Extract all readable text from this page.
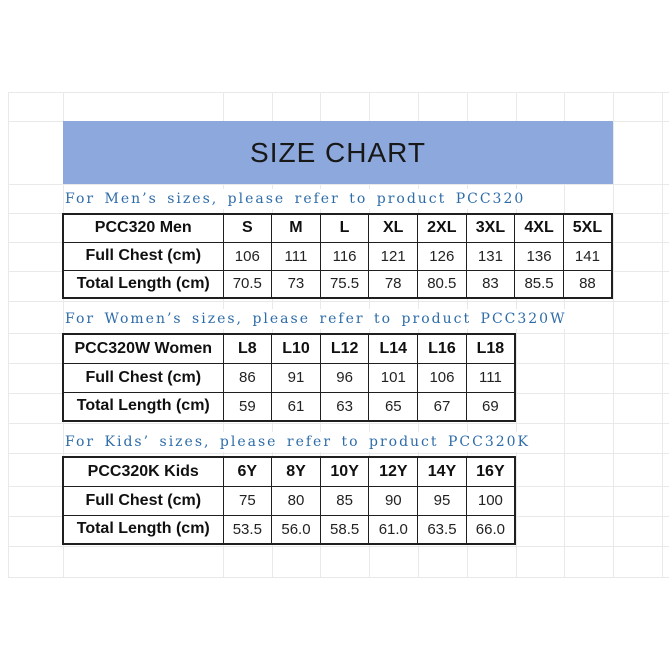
SIZE CHART
For Men’s sizes, please refer to product PCC320
PCC320 Men	S	M	L	XL	2XL	3XL	4XL	5XL
Full Chest (cm)	106	111	116	121	126	131	136	141
Total Length (cm)	70.5	73	75.5	78	80.5	83	85.5	88
For Women’s sizes, please refer to product PCC320W
PCC320W Women	L8	L10	L12	L14	L16	L18
Full Chest (cm)	86	91	96	101	106	111
Total Length (cm)	59	61	63	65	67	69
For Kids’ sizes, please refer to product PCC320K
PCC320K Kids	6Y	8Y	10Y	12Y	14Y	16Y
Full Chest (cm)	75	80	85	90	95	100
Total Length (cm)	53.5	56.0	58.5	61.0	63.5	66.0
